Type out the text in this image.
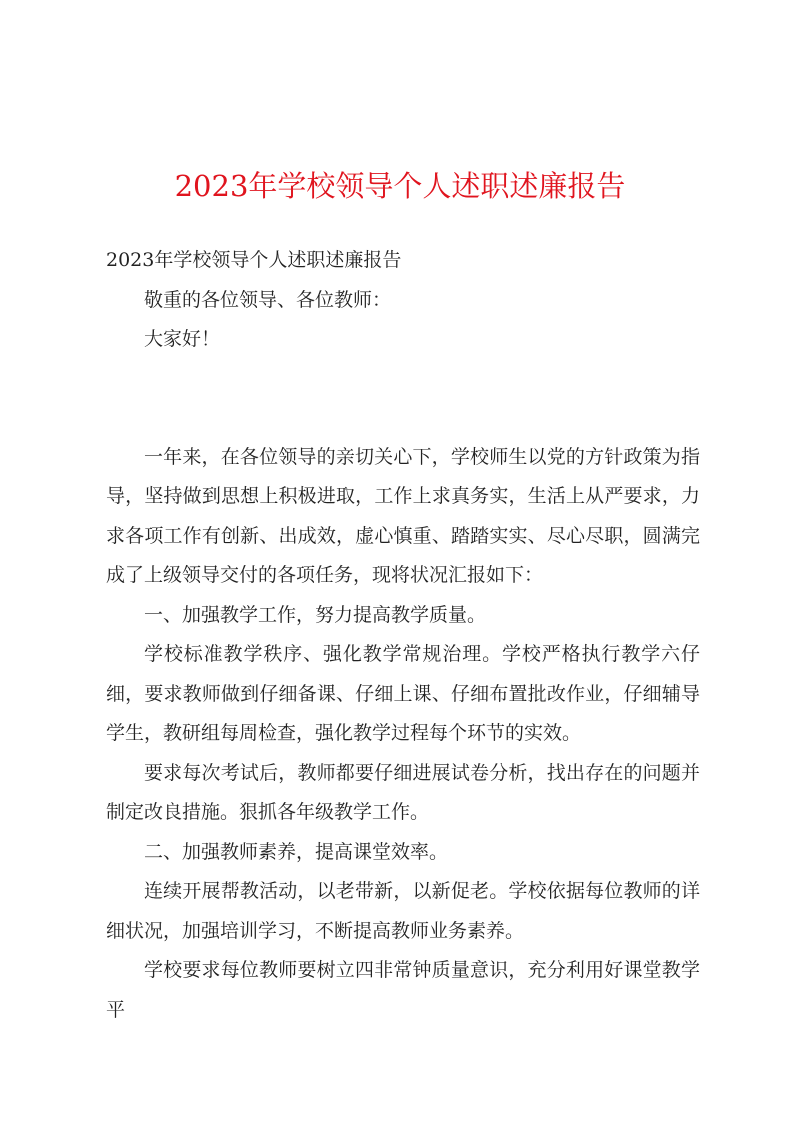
2023年学校领导个人述职述廉报告

2023年学校领导个人述职述廉报告

敬重的各位领导、各位教师：

大家好！

一年来，在各位领导的亲切关心下，学校师生以党的方针政策为指导，坚持做到思想上积极进取，工作上求真务实，生活上从严要求，力求各项工作有创新、出成效，虚心慎重、踏踏实实、尽心尽职，圆满完成了上级领导交付的各项任务，现将状况汇报如下：

一、加强教学工作，努力提高教学质量。

学校标准教学秩序、强化教学常规治理。学校严格执行教学六仔细，要求教师做到仔细备课、仔细上课、仔细布置批改作业，仔细辅导学生，教研组每周检查，强化教学过程每个环节的实效。

要求每次考试后，教师都要仔细进展试卷分析，找出存在的问题并制定改良措施。狠抓各年级教学工作。

二、加强教师素养，提高课堂效率。

连续开展帮教活动，以老带新，以新促老。学校依据每位教师的详细状况，加强培训学习，不断提高教师业务素养。

学校要求每位教师要树立四非常钟质量意识，充分利用好课堂教学平
